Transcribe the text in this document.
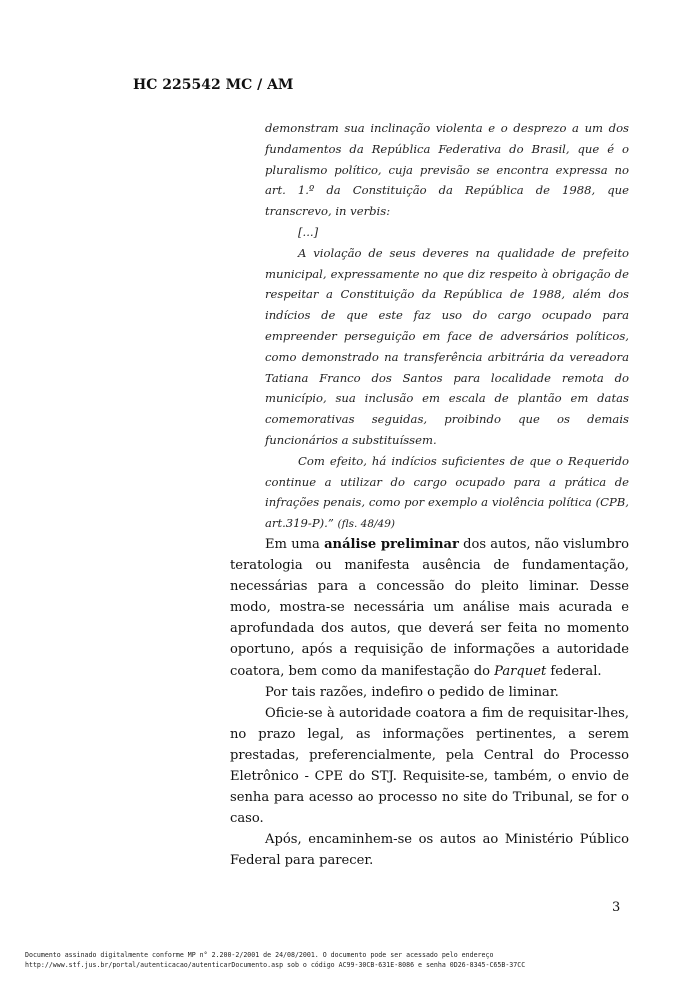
HC 225542 MC / AM

demonstram sua inclinação violenta e o desprezo a um dos fundamentos da República Federativa do Brasil, que é o pluralismo político, cuja previsão se encontra expressa no art. 1.º da Constituição da República de 1988, que transcrevo, in verbis:

[...]

A violação de seus deveres na qualidade de prefeito municipal, expressamente no que diz respeito à obrigação de respeitar a Constituição da República de 1988, além dos indícios de que este faz uso do cargo ocupado para empreender perseguição em face de adversários políticos, como demonstrado na transferência arbitrária da vereadora Tatiana Franco dos Santos para localidade remota do município, sua inclusão em escala de plantão em datas comemorativas seguidas, proibindo que os demais funcionários a substituíssem.

Com efeito, há indícios suficientes de que o Requerido continue a utilizar do cargo ocupado para a prática de infrações penais, como por exemplo a violência política (CPB, art.319-P).” (fls. 48/49)

Em uma análise preliminar dos autos, não vislumbro teratologia ou manifesta ausência de fundamentação, necessárias para a concessão do pleito liminar. Desse modo, mostra-se necessária um análise mais acurada e aprofundada dos autos, que deverá ser feita no momento oportuno, após a requisição de informações a autoridade coatora, bem como da manifestação do Parquet federal.

Por tais razões, indefiro o pedido de liminar.

Oficie-se à autoridade coatora a fim de requisitar-lhes, no prazo legal, as informações pertinentes, a serem prestadas, preferencialmente, pela Central do Processo Eletrônico - CPE do STJ. Requisite-se, também, o envio de senha para acesso ao processo no site do Tribunal, se for o caso.

Após, encaminhem-se os autos ao Ministério Público Federal para parecer.

3
Documento assinado digitalmente conforme MP n° 2.200-2/2001 de 24/08/2001. O documento pode ser acessado pelo endereço
http://www.stf.jus.br/portal/autenticacao/autenticarDocumento.asp sob o código AC99-30CB-631E-8086 e senha 0D26-8345-C65B-37CC
